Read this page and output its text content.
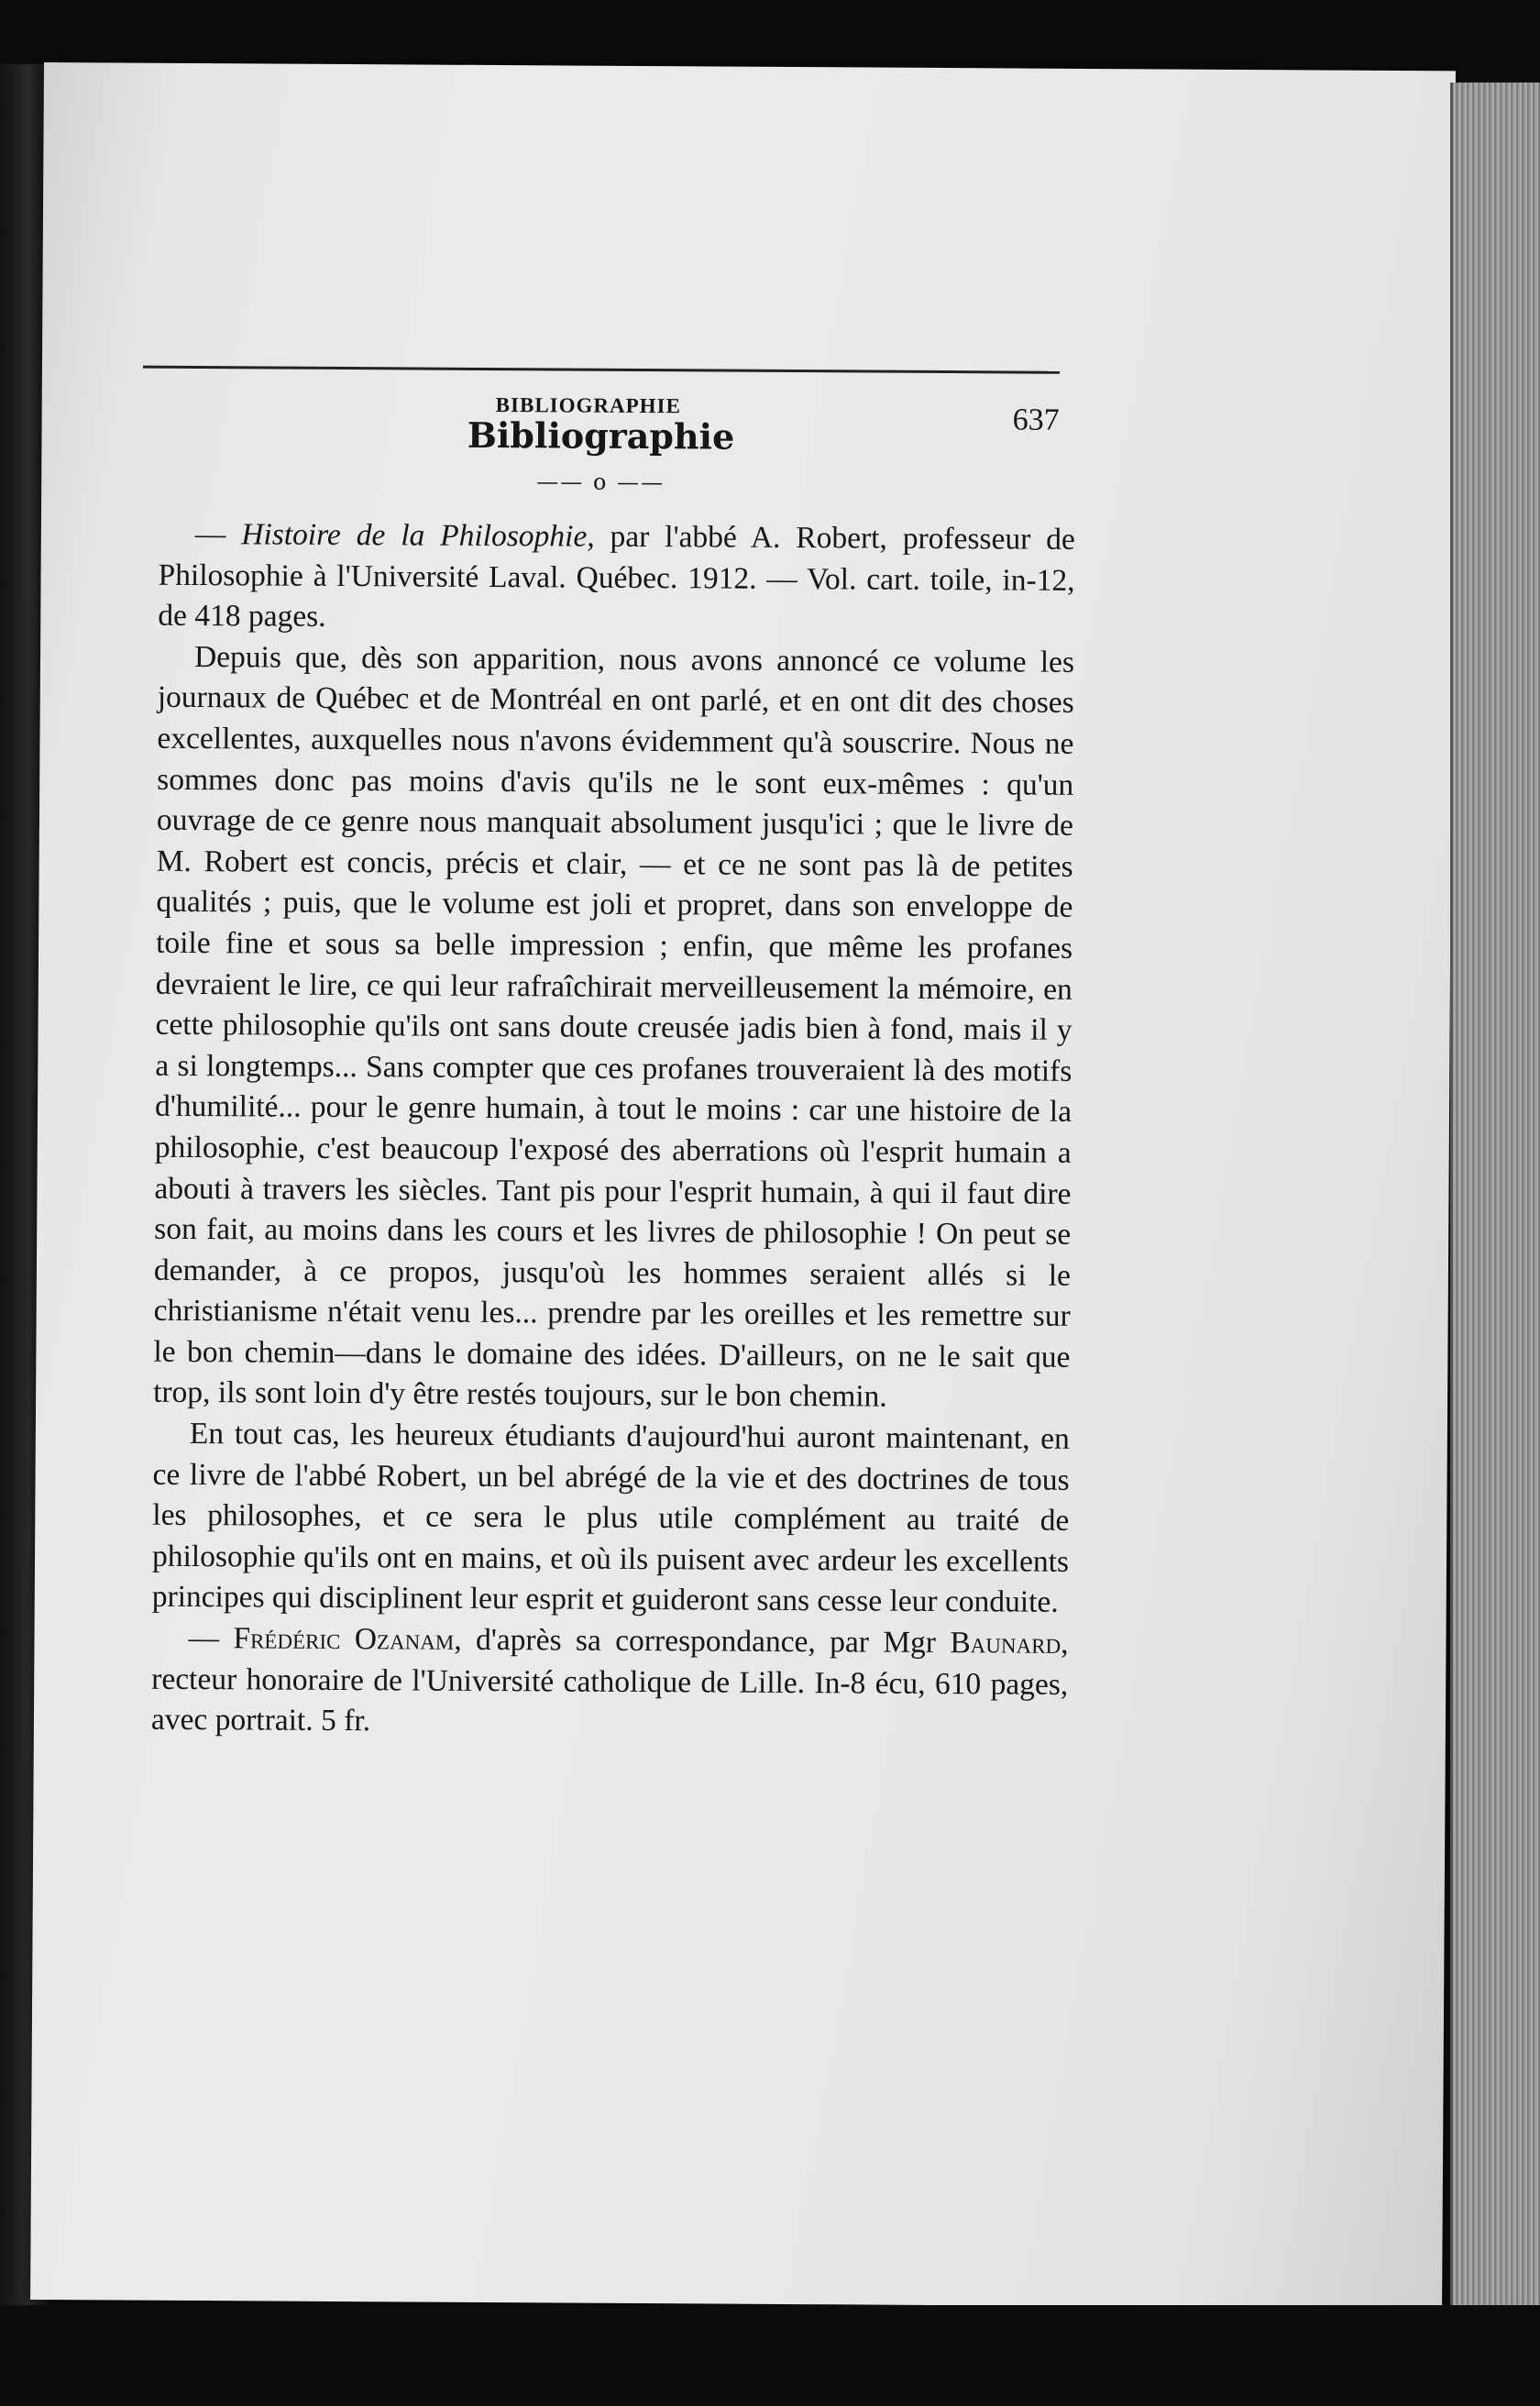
BIBLIOGRAPHIE	637
Bibliographie
—— o ——

— Histoire de la Philosophie, par l'abbé A. Robert, professeur de Philosophie à l'Université Laval. Québec. 1912. — Vol. cart. toile, in-12, de 418 pages.

Depuis que, dès son apparition, nous avons annoncé ce volume les journaux de Québec et de Montréal en ont parlé, et en ont dit des choses excellentes, auxquelles nous n'avons évidemment qu'à souscrire. Nous ne sommes donc pas moins d'avis qu'ils ne le sont eux-mêmes : qu'un ouvrage de ce genre nous manquait absolument jusqu'ici ; que le livre de M. Robert est concis, précis et clair, — et ce ne sont pas là de petites qualités ; puis, que le volume est joli et propret, dans son enveloppe de toile fine et sous sa belle impression ; enfin, que même les profanes devraient le lire, ce qui leur rafraîchirait merveilleusement la mémoire, en cette philosophie qu'ils ont sans doute creusée jadis bien à fond, mais il y a si longtemps... Sans compter que ces profanes trouveraient là des motifs d'humilité... pour le genre humain, à tout le moins : car une histoire de la philosophie, c'est beaucoup l'exposé des aberrations où l'esprit humain a abouti à travers les siècles. Tant pis pour l'esprit humain, à qui il faut dire son fait, au moins dans les cours et les livres de philosophie ! On peut se demander, à ce propos, jusqu'où les hommes seraient allés si le christianisme n'était venu les... prendre par les oreilles et les remettre sur le bon chemin—dans le domaine des idées. D'ailleurs, on ne le sait que trop, ils sont loin d'y être restés toujours, sur le bon chemin.

En tout cas, les heureux étudiants d'aujourd'hui auront maintenant, en ce livre de l'abbé Robert, un bel abrégé de la vie et des doctrines de tous les philosophes, et ce sera le plus utile complément au traité de philosophie qu'ils ont en mains, et où ils puisent avec ardeur les excellents principes qui disciplinent leur esprit et guideront sans cesse leur conduite.

— Frédéric Ozanam, d'après sa correspondance, par Mgr Baunard, recteur honoraire de l'Université catholique de Lille. In-8 écu, 610 pages, avec portrait. 5 fr.
